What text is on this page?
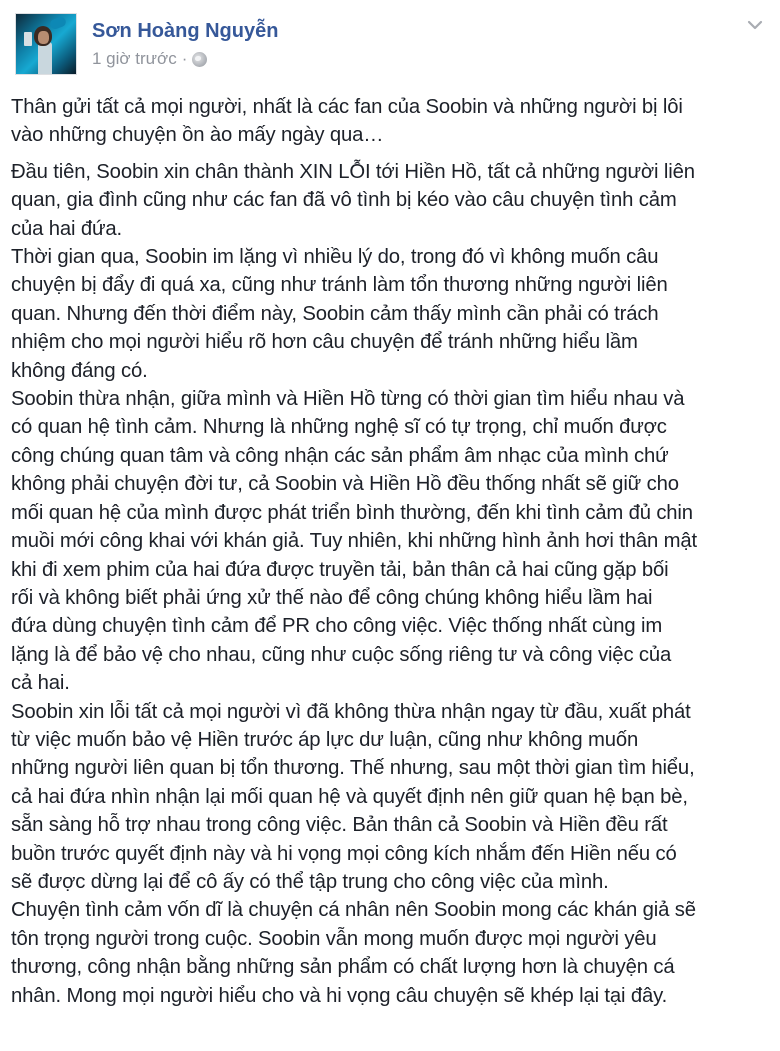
Sơn Hoàng Nguyễn
1 giờ trước ·

Thân gửi tất cả mọi người, nhất là các fan của Soobin và những người bị lôi
vào những chuyện ồn ào mấy ngày qua…

Đầu tiên, Soobin xin chân thành XIN LỖI tới Hiền Hồ, tất cả những người liên
quan, gia đình cũng như các fan đã vô tình bị kéo vào câu chuyện tình cảm
của hai đứa.

Thời gian qua, Soobin im lặng vì nhiều lý do, trong đó vì không muốn câu
chuyện bị đẩy đi quá xa, cũng như tránh làm tổn thương những người liên
quan. Nhưng đến thời điểm này, Soobin cảm thấy mình cần phải có trách
nhiệm cho mọi người hiểu rõ hơn câu chuyện để tránh những hiểu lầm
không đáng có.

Soobin thừa nhận, giữa mình và Hiền Hồ từng có thời gian tìm hiểu nhau và
có quan hệ tình cảm. Nhưng là những nghệ sĩ có tự trọng, chỉ muốn được
công chúng quan tâm và công nhận các sản phẩm âm nhạc của mình chứ
không phải chuyện đời tư, cả Soobin và Hiền Hồ đều thống nhất sẽ giữ cho
mối quan hệ của mình được phát triển bình thường, đến khi tình cảm đủ chin
muồi mới công khai với khán giả. Tuy nhiên, khi những hình ảnh hơi thân mật
khi đi xem phim của hai đứa được truyền tải, bản thân cả hai cũng gặp bối
rối và không biết phải ứng xử thế nào để công chúng không hiểu lầm hai
đứa dùng chuyện tình cảm để PR cho công việc. Việc thống nhất cùng im
lặng là để bảo vệ cho nhau, cũng như cuộc sống riêng tư và công việc của
cả hai.

Soobin xin lỗi tất cả mọi người vì đã không thừa nhận ngay từ đầu, xuất phát
từ việc muốn bảo vệ Hiền trước áp lực dư luận, cũng như không muốn
những người liên quan bị tổn thương. Thế nhưng, sau một thời gian tìm hiểu,
cả hai đứa nhìn nhận lại mối quan hệ và quyết định nên giữ quan hệ bạn bè,
sẵn sàng hỗ trợ nhau trong công việc. Bản thân cả Soobin và Hiền đều rất
buồn trước quyết định này và hi vọng mọi công kích nhắm đến Hiền nếu có
sẽ được dừng lại để cô ấy có thể tập trung cho công việc của mình.

Chuyện tình cảm vốn dĩ là chuyện cá nhân nên Soobin mong các khán giả sẽ
tôn trọng người trong cuộc. Soobin vẫn mong muốn được mọi người yêu
thương, công nhận bằng những sản phẩm có chất lượng hơn là chuyện cá
nhân. Mong mọi người hiểu cho và hi vọng câu chuyện sẽ khép lại tại đây.
